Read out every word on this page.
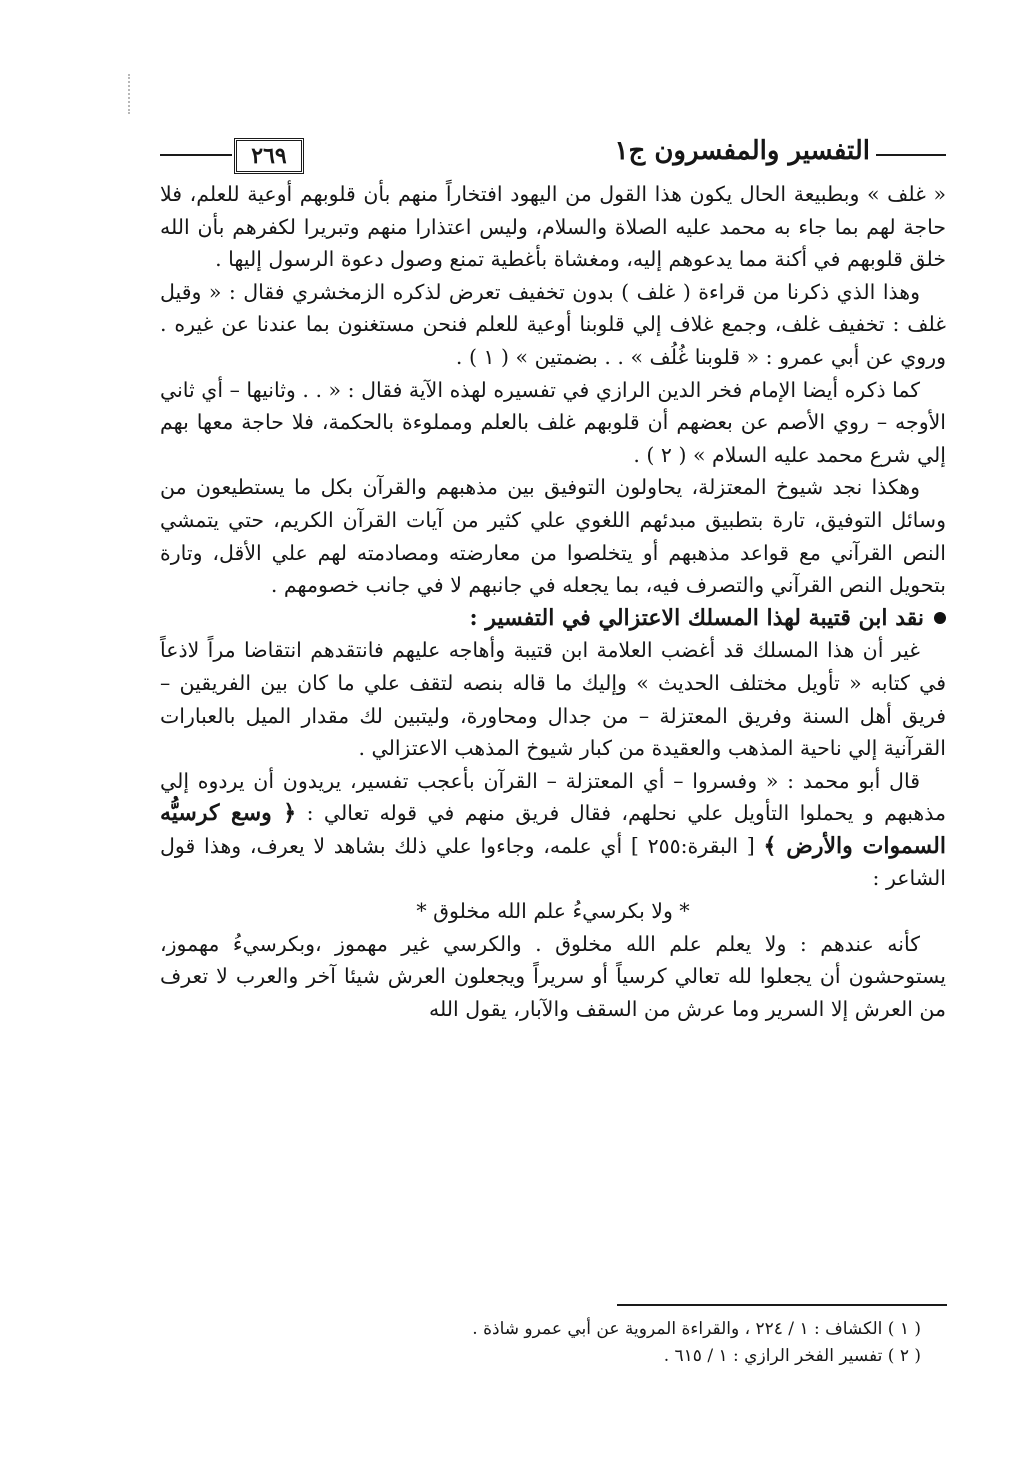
التفسير والمفسرون ج١
٢٦٩

« غلف » وبطبيعة الحال يكون هذا القول من اليهود افتخاراً منهم بأن قلوبهم أوعية للعلم، فلا حاجة لهم بما جاء به محمد عليه الصلاة والسلام، وليس اعتذارا منهم وتبريرا لكفرهم بأن الله خلق قلوبهم في أكنة مما يدعوهم إليه، ومغشاة بأغطية تمنع وصول دعوة الرسول إليها .

وهذا الذي ذكرنا من قراءة ( غلف ) بدون تخفيف تعرض لذكره الزمخشري فقال : « وقيل غلف : تخفيف غلف، وجمع غلاف إلي قلوبنا أوعية للعلم فنحن مستغنون بما عندنا عن غيره . وروي عن أبي عمرو : « قلوبنا غُلُف » . . بضمتين » ( ١ ) .

كما ذكره أيضا الإمام فخر الدين الرازي في تفسيره لهذه الآية فقال : « . . وثانيها – أي ثاني الأوجه – روي الأصم عن بعضهم أن قلوبهم غلف بالعلم ومملوءة بالحكمة، فلا حاجة معها بهم إلي شرع محمد عليه السلام » ( ٢ ) .

وهكذا نجد شيوخ المعتزلة، يحاولون التوفيق بين مذهبهم والقرآن بكل ما يستطيعون من وسائل التوفيق، تارة بتطبيق مبدئهم اللغوي علي كثير من آيات القرآن الكريم، حتي يتمشي النص القرآني مع قواعد مذهبهم أو يتخلصوا من معارضته ومصادمته لهم علي الأقل، وتارة بتحويل النص القرآني والتصرف فيه، بما يجعله في جانبهم لا في جانب خصومهم .

نقد ابن قتيبة لهذا المسلك الاعتزالي في التفسير :

غير أن هذا المسلك قد أغضب العلامة ابن قتيبة وأهاجه عليهم فانتقدهم انتقاضا مراً لاذعاً في كتابه « تأويل مختلف الحديث » وإليك ما قاله بنصه لتقف علي ما كان بين الفريقين – فريق أهل السنة وفريق المعتزلة – من جدال ومحاورة، وليتبين لك مقدار الميل بالعبارات القرآنية إلي ناحية المذهب والعقيدة من كبار شيوخ المذهب الاعتزالي .

قال أبو محمد : « وفسروا – أي المعتزلة – القرآن بأعجب تفسير، يريدون أن يردوه إلي مذهبهم و يحملوا التأويل علي نحلهم، فقال فريق منهم في قوله تعالي : ﴿ وسع كرسيُّه السموات والأرض ﴾ [ البقرة:٢٥٥ ] أي علمه، وجاءوا علي ذلك بشاهد لا يعرف، وهذا قول الشاعر :

* ولا بكرسيءُ علم الله مخلوق *

كأنه عندهم : ولا يعلم علم الله مخلوق . والكرسي غير مهموز ،وبكرسيءُ مهموز، يستوحشون أن يجعلوا لله تعالي كرسياً أو سريراً ويجعلون العرش شيئا آخر والعرب لا تعرف من العرش إلا السرير وما عرش من السقف والآبار، يقول الله

( ١ ) الكشاف : ١ / ٢٢٤ ، والقراءة المروية عن أبي عمرو شاذة .

( ٢ ) تفسير الفخر الرازي : ١ / ٦١٥ .
